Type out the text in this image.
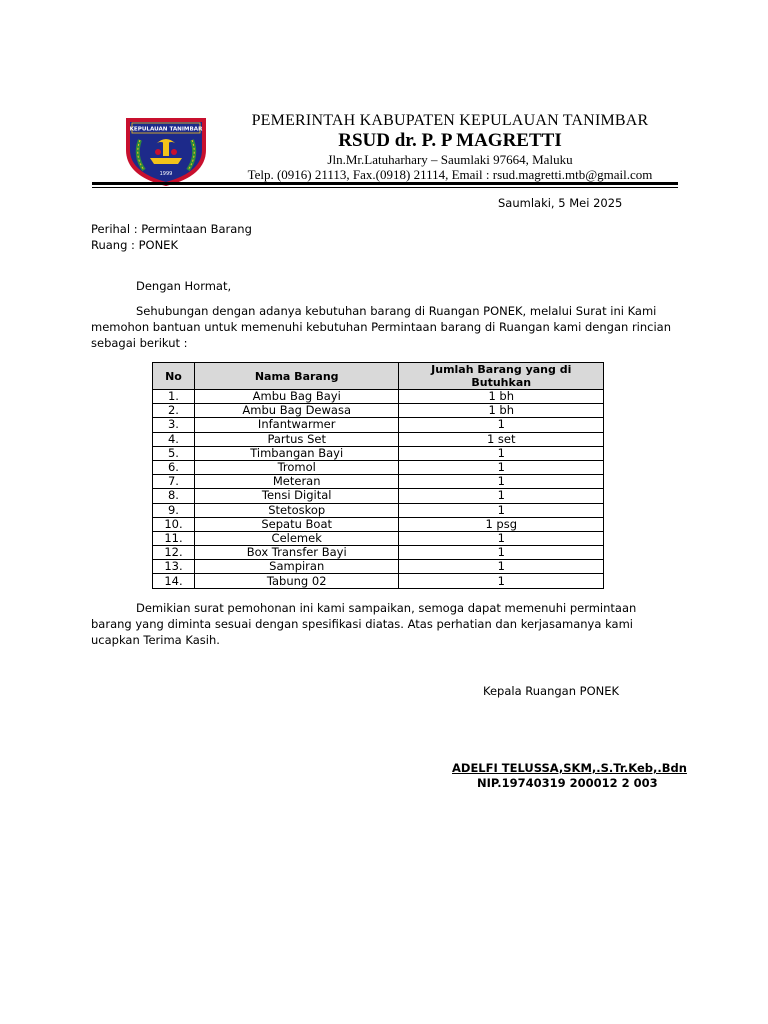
KEPULAUAN TANIMBAR
1999
PEMERINTAH KABUPATEN KEPULAUAN TANIMBAR
RSUD dr. P. P MAGRETTI
Jln.Mr.Latuharhary – Saumlaki 97664, Maluku
Telp. (0916) 21113, Fax.(0918) 21114, Email : rsud.magretti.mtb@gmail.com
Saumlaki, 5 Mei 2025
Perihal : Permintaan Barang
Ruang : PONEK
Dengan Hormat,
Sehubungan dengan adanya kebutuhan barang di Ruangan PONEK, melalui Surat ini Kami memohon bantuan untuk memenuhi kebutuhan Permintaan barang di Ruangan kami dengan rincian sebagai berikut :
No	Nama Barang	Jumlah Barang yang di Butuhkan
1.	Ambu Bag Bayi	1 bh
2.	Ambu Bag Dewasa	1 bh
3.	Infantwarmer	1
4.	Partus Set	1 set
5.	Timbangan Bayi	1
6.	Tromol	1
7.	Meteran	1
8.	Tensi Digital	1
9.	Stetoskop	1
10.	Sepatu Boat	1 psg
11.	Celemek	1
12.	Box Transfer Bayi	1
13.	Sampiran	1
14.	Tabung 02	1
Demikian surat pemohonan ini kami sampaikan, semoga dapat memenuhi permintaan barang yang diminta sesuai dengan spesifikasi diatas. Atas perhatian dan kerjasamanya kami ucapkan Terima Kasih.
Kepala Ruangan PONEK
ADELFI TELUSSA,SKM,.S.Tr.Keb,.Bdn
NIP.19740319 200012 2 003
